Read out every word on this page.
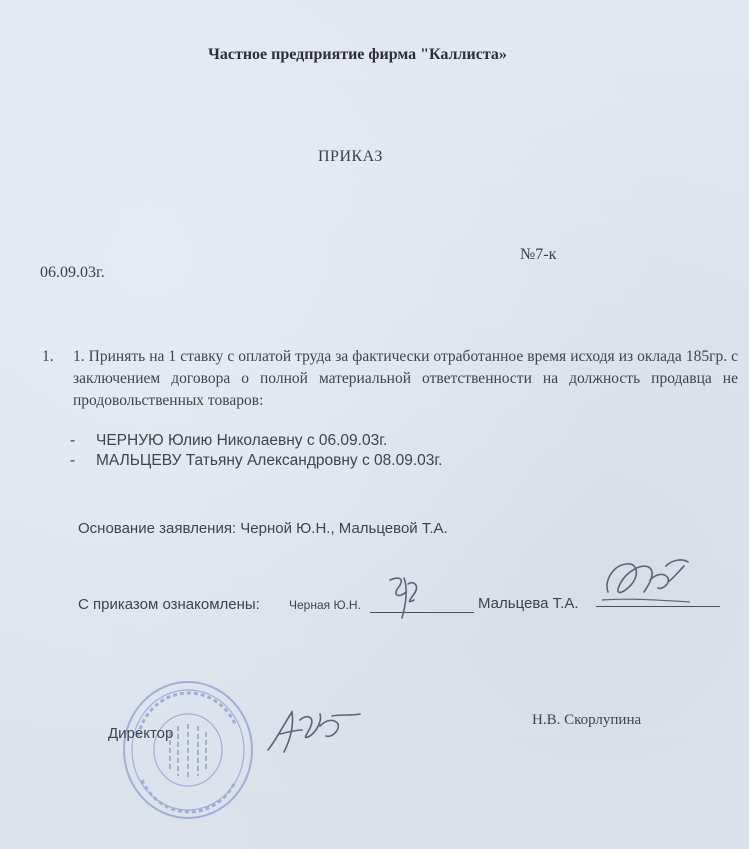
Частное предприятие фирма "Каллиста»
ПРИКАЗ
№7-к
06.09.03г.
1. 1. Принять на 1 ставку с оплатой труда за фактически отработанное время исходя из оклада 185гр. с заключением договора о полной материальной ответственности на должность продавца не продовольственных товаров:
- ЧЕРНУЮ Юлию Николаевну с 06.09.03г.
- МАЛЬЦЕВУ Татьяну Александровну с 08.09.03г.
Основание заявления: Черной Ю.Н., Мальцевой Т.А.
С приказом ознакомлены: Черная Ю.Н.	Мальцева Т.А.
Директор
Н.В. Скорлупина
